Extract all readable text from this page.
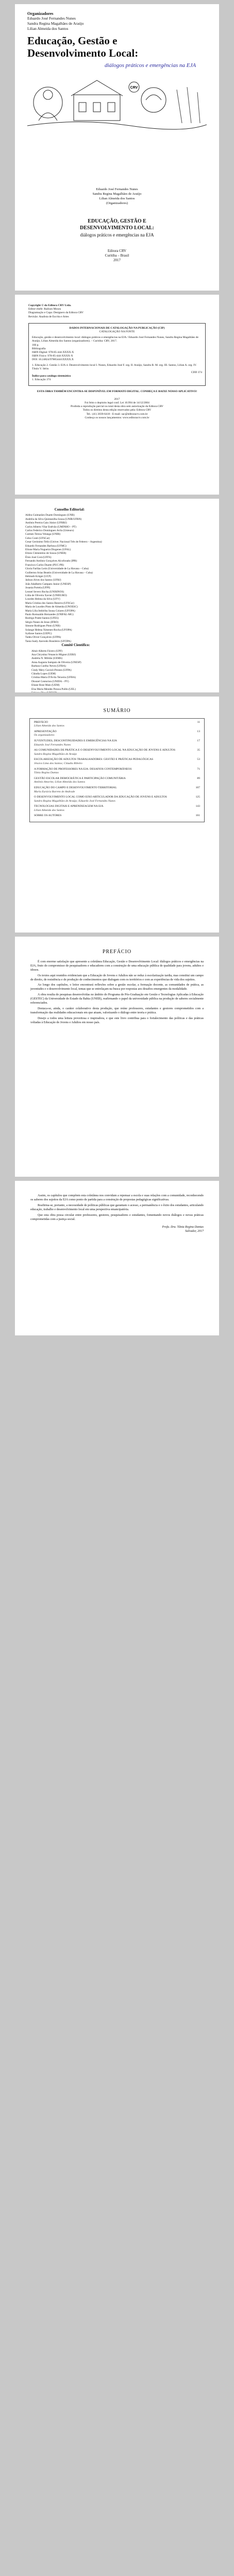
Organizadores
Eduardo José Fernandes Nunes
Sandra Regina Magalhães de Araújo
Lilian Almeida dos Santos
Educação, Gestão e
Desenvolvimento Local:
diálogos práticos e emergências na EJA
CRV
Eduardo José Fernandes Nunes
Sandra Regina Magalhães de Araújo
Lilian Almeida dos Santos
(Organizadores)
EDUCAÇÃO, GESTÃO E
DESENVOLVIMENTO LOCAL:
diálogos práticos e emergências na EJA
Editora CRV
Curitiba – Brasil
2017
Copyright © da Editora CRV Ltda.
Editor-chefe: Railson Moura
Diagramação e Capa: Designers da Editora CRV
Revisão: Analista de Escrita e Artes
DADOS INTERNACIONAIS DE CATALOGAÇÃO NA PUBLICAÇÃO (CIP)
CATALOGAÇÃO NA FONTE
Educação, gestão e desenvolvimento local: diálogos práticos e emergências na EJA / Eduardo José Fernandes Nunes, Sandra Regina Magalhães de Araújo, Lilian Almeida dos Santos (organizadores). – Curitiba: CRV, 2017.
166 p.
Bibliografia
ISBN Digital: 978-85-444-XXXX-X
ISBN Físico: 978-85-444-XXXX-X
DOI: 10.24824/978854441XXXX.X
1. Educação 2. Gestão 3. EJA 4. Desenvolvimento local I. Nunes, Eduardo José F. org. II. Araújo, Sandra R. M. org. III. Santos, Lilian A. org. IV. Título V. Série.
CDD 374
Índice para catálogo sistemático
1. Educação 374
ESTA OBRA TAMBÉM ENCONTRA-SE DISPONÍVEL EM FORMATO DIGITAL. CONHEÇA E BAIXE NOSSO APLICATIVO!
2017
Foi feito o depósito legal conf. Lei 10.994 de 14/12/2004
Proibida a reprodução parcial ou total desta obra sem autorização da Editora CRV
Todos os direitos desta edição reservados pela: Editora CRV
Tel.: (41) 3039-6418 - E-mail: sac@editoracrv.com.br
Conheça os nossos lançamentos: www.editoracrv.com.br
Conselho Editorial:
Aldira Guimarães Duarte Domínguez (UNB)
Andréia da Silva Quintanilha Sousa (UNIR/UFRN)
Antônio Pereira Gaio Júnior (UFRRJ)
Carlos Alberto Vilar Estêvão (UMINHO – PT)
Carlos Federico Domínguez Avila (Unieuro)
Carmen Tereza Velanga (UNIR)
Celso Conti (UFSCar)
Cesar Gerónimo Tello (Univer. Nacional Três de Febrero – Argentina)
Eduardo Fernandes Barbosa (UFMG)
Elione Maria Nogueira Diogenes (UFAL)
Elizeu Clementino de Souza (UNEB)
Élsio José Corá (UFFS)
Fernando Antônio Gonçalves Alcoforado (IPB)
Francisco Carlos Duarte (PUC-PR)
Gloria Fariñas León (Universidade de La Havana – Cuba)
Guillermo Arias Beatón (Universidade de La Havana – Cuba)
Helmuth Krüger (UCP)
Jailson Alves dos Santos (UFRJ)
João Adalberto Campato Junior (UNESP)
Josania Portela (UFPI)
Leonel Severo Rocha (UNISINOS)
Lídia de Oliveira Xavier (UNIEURO)
Lourdes Helena da Silva (UFV)
Maria Cristina dos Santos Bezerra (UFSCar)
Maria de Lourdes Pinto de Almeida (UNOESC)
Maria Lília Imbiriba Sousa Colares (UFOPA)
Paulo Romualdo Hernandes (UNIFAL-MG)
Rodrigo Pratte-Santos (UFES)
Sérgio Nunes de Jesus (IFRO)
Simone Rodrigues Pinto (UNB)
Solange Helena Ximenes-Rocha (UFOPA)
Sydione Santos (UEPG)
Tadeu Oliver Gonçalves (UFPA)
Tania Suely Azevedo Brasileiro (UFOPA)

Comitê Científico:
Altair Alberto Fávero (UPF)
Ana Chrystina Venancio Mignot (UERJ)
Andréia N. Militão (UEMS)
Anna Augusta Sampaio de Oliveira (UNESP)
Barbara Coelho Neves (UFBA)
Cindy Mery Gavioli-Prestes (UFPA)
Cláudia Lopes (UEM)
Cristina Maria D'Ávila Teixeira (UFBA)
Diosnel Centurion (UNIDA – PY)
Eliane Rose Maio (UEM)
Elsa Maria Mendes Pessoa Pullin (UEL)
SUMÁRIO
PREFÁCIO
Lilian Almeida dos Santos
11
APRESENTAÇÃO
Os organizadores
13
JUVENTUDES, DESCONTINUIDADES E EMERGÊNCIAS NA EJA
Eduardo José Fernandes Nunes
17
AS COMUNIDADES DE PRÁTICA E O DESENVOLVIMENTO LOCAL NA EDUCAÇÃO DE JOVENS E ADULTOS
Sandra Regina Magalhães de Araújo
35
ESCOLARIZAÇÃO DE ADULTOS TRABALHADORES: GESTÃO E PRÁTICAS PEDAGÓGICAS
Jéssica Lima dos Santos; Cláudia Ribeiro
53
A FORMAÇÃO DE PROFESSORES NA EJA: DESAFIOS CONTEMPORÂNEOS
Tânia Regina Dantas
71
GESTÃO ESCOLAR DEMOCRÁTICA E PARTICIPAÇÃO COMUNITÁRIA
Antônio Amorim; Lilian Almeida dos Santos
89
EDUCAÇÃO DO CAMPO E DESENVOLVIMENTO TERRITORIAL
Maria Eurácia Barreto de Andrade
107
O DESENVOLVIMENTO LOCAL COMO EIXO ARTICULADOR DA EDUCAÇÃO DE JOVENS E ADULTOS
Sandra Regina Magalhães de Araújo; Eduardo José Fernandes Nunes
125
TECNOLOGIAS DIGITAIS E APRENDIZAGEM NA EJA
Lilian Almeida dos Santos
143
SOBRE OS AUTORES	161
PREFÁCIO

É com enorme satisfação que apresento a coletânea Educação, Gestão e Desenvolvimento Local: diálogos práticos e emergências na EJA, fruto do compromisso de pesquisadores e educadores com a construção de uma educação pública de qualidade para jovens, adultos e idosos.

Os textos aqui reunidos evidenciam que a Educação de Jovens e Adultos não se reduz à escolarização tardia, mas constitui um campo de direito, de resistência e de produção de conhecimentos que dialogam com os territórios e com as experiências de vida dos sujeitos.

Ao longo dos capítulos, o leitor encontrará reflexões sobre a gestão escolar, a formação docente, as comunidades de prática, as juventudes e o desenvolvimento local, temas que se entrelaçam na busca por respostas aos desafios emergentes da modalidade.

A obra resulta de pesquisas desenvolvidas no âmbito do Programa de Pós-Graduação em Gestão e Tecnologias Aplicadas à Educação (GESTEC) da Universidade do Estado da Bahia (UNEB), reafirmando o papel da universidade pública na produção de saberes socialmente referenciados.

Destaca-se, ainda, o caráter colaborativo desta produção, que reúne professores, estudantes e gestores comprometidos com a transformação das realidades educacionais em que atuam, valorizando o diálogo entre teoria e prática.

Desejo a todos uma leitura proveitosa e inspiradora, e que este livro contribua para o fortalecimento das políticas e das práticas voltadas à Educação de Jovens e Adultos em nosso país.

Assim, os capítulos que compõem esta coletânea nos convidam a repensar a escola e suas relações com a comunidade, reconhecendo os saberes dos sujeitos da EJA como ponto de partida para a construção de propostas pedagógicas significativas.

Reafirma-se, portanto, a necessidade de políticas públicas que garantam o acesso, a permanência e o êxito dos estudantes, articulando educação, trabalho e desenvolvimento local em uma perspectiva emancipatória.

Que esta obra possa circular entre professores, gestores, pesquisadores e estudantes, fomentando novos diálogos e novas práticas comprometidas com a justiça social.

Profa. Dra. Tânia Regina Dantas
Salvador, 2017
